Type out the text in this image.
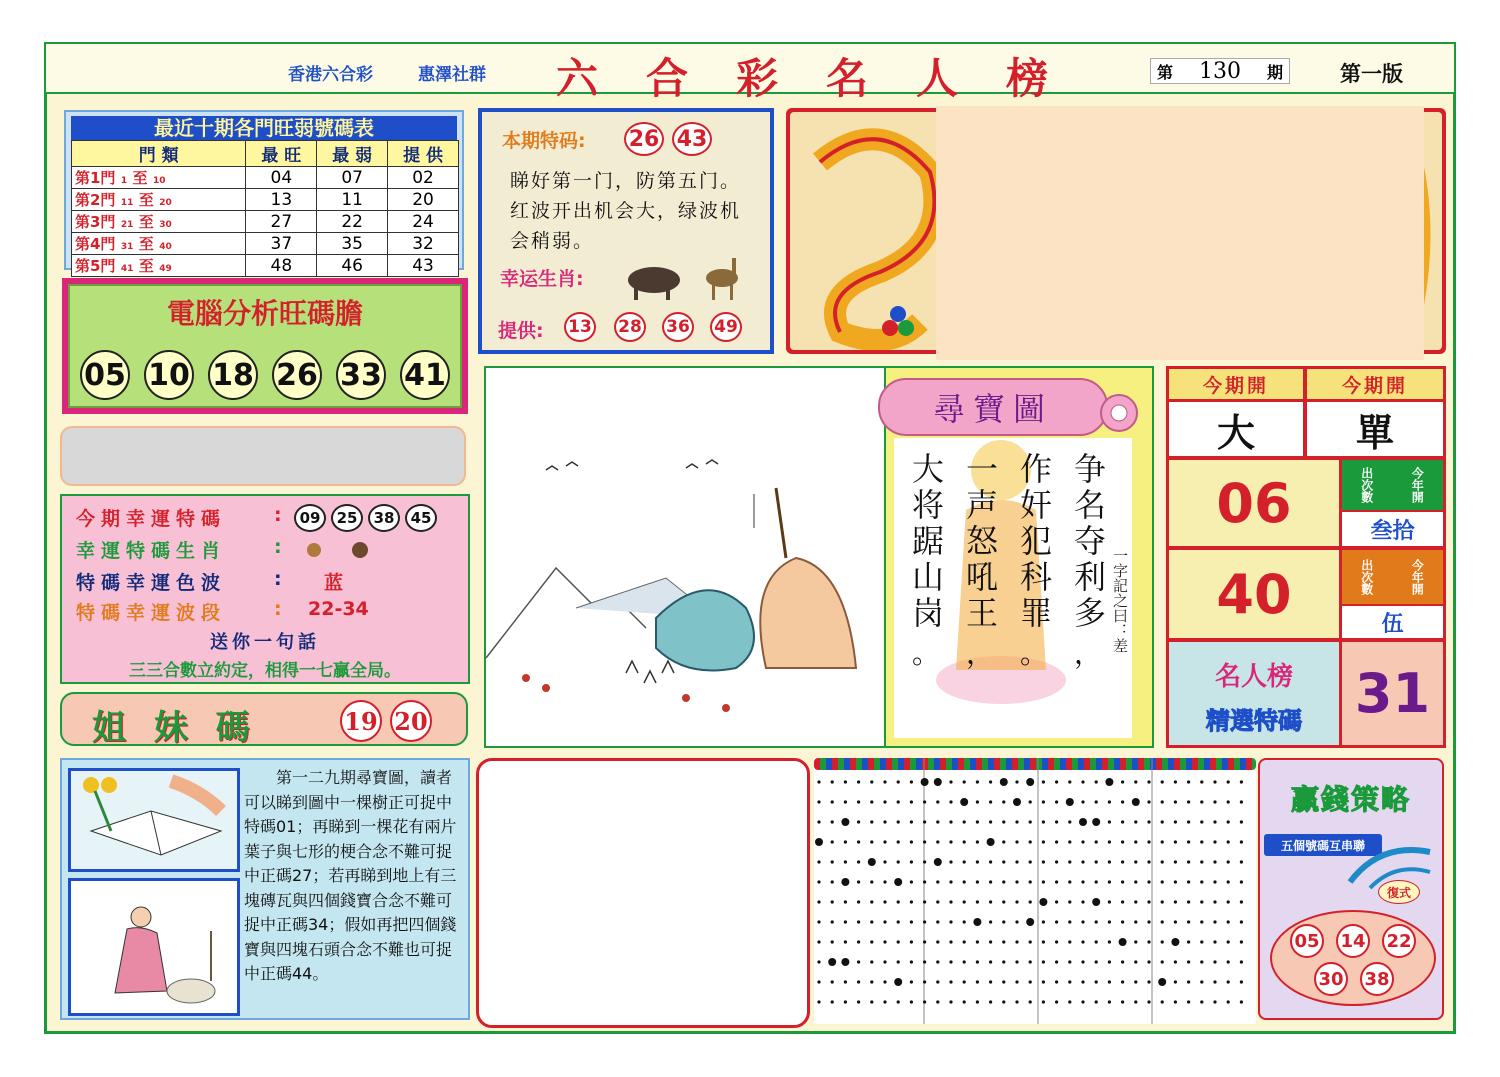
香港六合彩	惠澤社群 六合彩名人榜	第 130 期	第一版
最近十期各門旺弱號碼表
門 類	最 旺	最 弱	提 供
第1門 1 至 10	04	07	02
第2門 11 至 20	13	11	20
第3門 21 至 30	27	22	24
第4門 31 至 40	37	35	32
第5門 41 至 49	48	46	43
電腦分析旺碼膽
05 10 18 26 33 41
今期幸運特碼	:	09	25	38	45
幸運特碼生肖	:
特碼幸運色波	: 蓝
特碼幸運波段	: 22-34
送你一句話
三三合數立約定，相得一七贏全局。
姐 妹 碼	19 20
本期特码: 26 43
睇好第一门，防第五门。红波开出机会大，绿波机会稍弱。
幸运生肖:
提供: 13 28 36 49
尋寶圖
争名夺利多
，
作奸犯科罪
。
一声怒吼王
，
大将踞山岗
。
一字記之曰：差
今期開	今期開
大	單
06	出次數	今年開
叁拾
40	出次數	今年開
伍
名人榜
精選特碼 31
第一二九期尋寶圖，讀者可以睇到圖中一棵樹正可捉中特碼01；再睇到一棵花有兩片葉子與七形的梗合念不難可捉中正碼27；若再睇到地上有三塊磚瓦與四個錢寶合念不難可捉中正碼34；假如再把四個錢寶與四塊石頭合念不難也可捉中正碼44。
贏錢策略
五個號碼互串聯
復式
05 14 22
30 38
